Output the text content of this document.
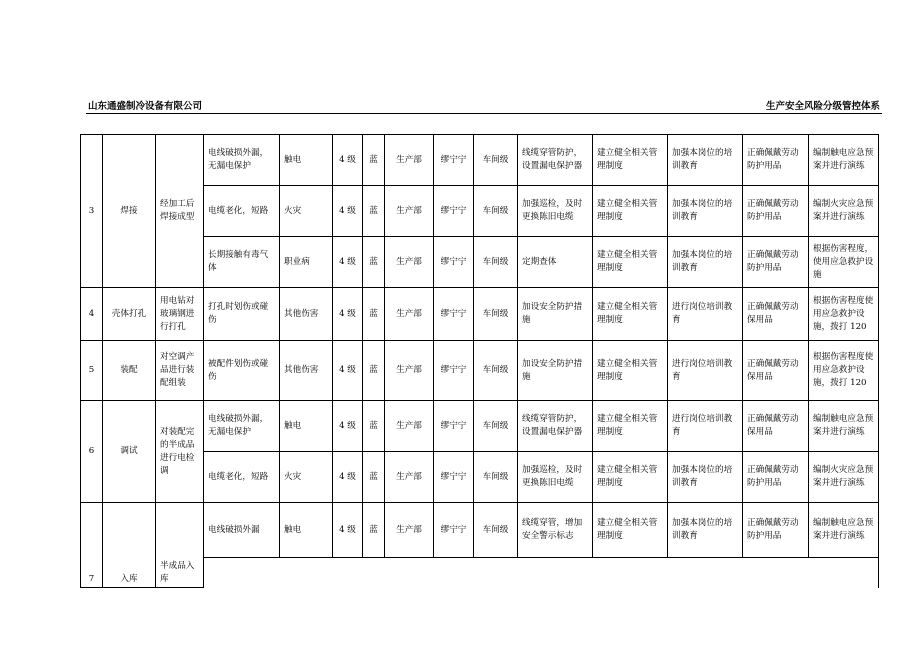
山东通盛制冷设备有限公司	生产安全风险分级管控体系
3	焊接	经加工后焊接成型	电线破损外漏，无漏电保护	触电	4 级	蓝	生产部	缪宁宁	车间级	线缆穿管防护，设置漏电保护器	建立健全相关管理制度	加强本岗位的培训教育	正确佩戴劳动防护用品	编制触电应急预案并进行演练
			电缆老化，短路	火灾	4 级	蓝	生产部	缪宁宁	车间级	加强巡检，及时更换陈旧电缆	建立健全相关管理制度	加强本岗位的培训教育	正确佩戴劳动防护用品	编制火灾应急预案并进行演练
			长期接触有毒气体	职业病	4 级	蓝	生产部	缪宁宁	车间级	定期查体	建立健全相关管理制度	加强本岗位的培训教育	正确佩戴劳动防护用品	根据伤害程度，使用应急救护设施
4	壳体打孔	用电钻对玻璃钢进行打孔	打孔时划伤或碰伤	其他伤害	4 级	蓝	生产部	缪宁宁	车间级	加设安全防护措施	建立健全相关管理制度	进行岗位培训教育	正确佩戴劳动保用品	根据伤害程度使用应急救护设施，拨打 120
5	装配	对空调产品进行装配组装	被配件划伤或碰伤	其他伤害	4 级	蓝	生产部	缪宁宁	车间级	加设安全防护措施	建立健全相关管理制度	进行岗位培训教育	正确佩戴劳动保用品	根据伤害程度使用应急救护设施，拨打 120
6	调试	对装配完的半成品进行电检调	电线破损外漏，无漏电保护	触电	4 级	蓝	生产部	缪宁宁	车间级	线缆穿管防护，设置漏电保护器	建立健全相关管理制度	进行岗位培训教育	正确佩戴劳动保用品	编制触电应急预案并进行演练
			电缆老化，短路	火灾	4 级	蓝	生产部	缪宁宁	车间级	加强巡检，及时更换陈旧电缆	建立健全相关管理制度	加强本岗位的培训教育	正确佩戴劳动防护用品	编制火灾应急预案并进行演练
7	入库	半成品入库	电线破损外漏	触电	4 级	蓝	生产部	缪宁宁	车间级	线缆穿管，增加安全警示标志	建立健全相关管理制度	加强本岗位的培训教育	正确佩戴劳动防护用品	编制触电应急预案并进行演练
